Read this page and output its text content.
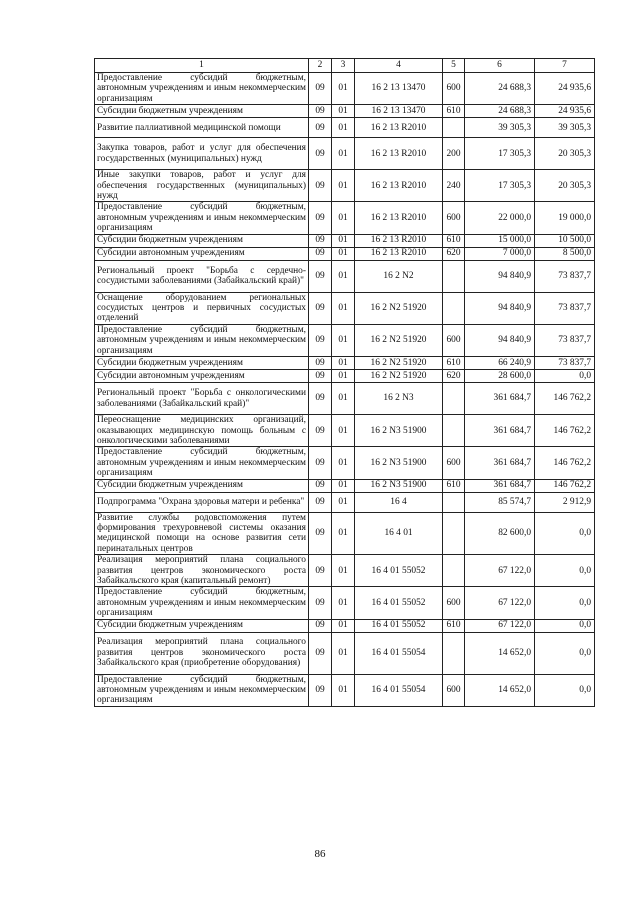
1	2	3	4	5	6	7
Предоставление субсидий бюджетным, автономным учреждениям и иным некоммерческим организациям	09	01	16 2 13 13470	600	24 688,3	24 935,6
Субсидии бюджетным учреждениям	09	01	16 2 13 13470	610	24 688,3	24 935,6
Развитие паллиативной медицинской помощи	09	01	16 2 13 R2010		39 305,3	39 305,3
Закупка товаров, работ и услуг для обеспечения государственных (муниципальных) нужд	09	01	16 2 13 R2010	200	17 305,3	20 305,3
Иные закупки товаров, работ и услуг для обеспечения государственных (муниципальных) нужд	09	01	16 2 13 R2010	240	17 305,3	20 305,3
Предоставление субсидий бюджетным, автономным учреждениям и иным некоммерческим организациям	09	01	16 2 13 R2010	600	22 000,0	19 000,0
Субсидии бюджетным учреждениям	09	01	16 2 13 R2010	610	15 000,0	10 500,0
Субсидии автономным учреждениям	09	01	16 2 13 R2010	620	7 000,0	8 500,0
Региональный проект "Борьба с сердечно-сосудистыми заболеваниями (Забайкальский край)"	09	01	16 2 N2		94 840,9	73 837,7
Оснащение оборудованием региональных сосудистых центров и первичных сосудистых отделений	09	01	16 2 N2 51920		94 840,9	73 837,7
Предоставление субсидий бюджетным, автономным учреждениям и иным некоммерческим организациям	09	01	16 2 N2 51920	600	94 840,9	73 837,7
Субсидии бюджетным учреждениям	09	01	16 2 N2 51920	610	66 240,9	73 837,7
Субсидии автономным учреждениям	09	01	16 2 N2 51920	620	28 600,0	0,0
Региональный проект "Борьба с онкологическими заболеваниями (Забайкальский край)"	09	01	16 2 N3		361 684,7	146 762,2
Переоснащение медицинских организаций, оказывающих медицинскую помощь больным с онкологическими заболеваниями	09	01	16 2 N3 51900		361 684,7	146 762,2
Предоставление субсидий бюджетным, автономным учреждениям и иным некоммерческим организациям	09	01	16 2 N3 51900	600	361 684,7	146 762,2
Субсидии бюджетным учреждениям	09	01	16 2 N3 51900	610	361 684,7	146 762,2
Подпрограмма "Охрана здоровья матери и ребенка"	09	01	16 4		85 574,7	2 912,9
Развитие службы родовспоможения путем формирования трехуровневой системы оказания медицинской помощи на основе развития сети перинатальных центров	09	01	16 4 01		82 600,0	0,0
Реализация мероприятий плана социального развития центров экономического роста Забайкальского края (капитальный ремонт)	09	01	16 4 01 55052		67 122,0	0,0
Предоставление субсидий бюджетным, автономным учреждениям и иным некоммерческим организациям	09	01	16 4 01 55052	600	67 122,0	0,0
Субсидии бюджетным учреждениям	09	01	16 4 01 55052	610	67 122,0	0,0
Реализация мероприятий плана социального развития центров экономического роста Забайкальского края (приобретение оборудования)	09	01	16 4 01 55054		14 652,0	0,0
Предоставление субсидий бюджетным, автономным учреждениям и иным некоммерческим организациям	09	01	16 4 01 55054	600	14 652,0	0,0
86
